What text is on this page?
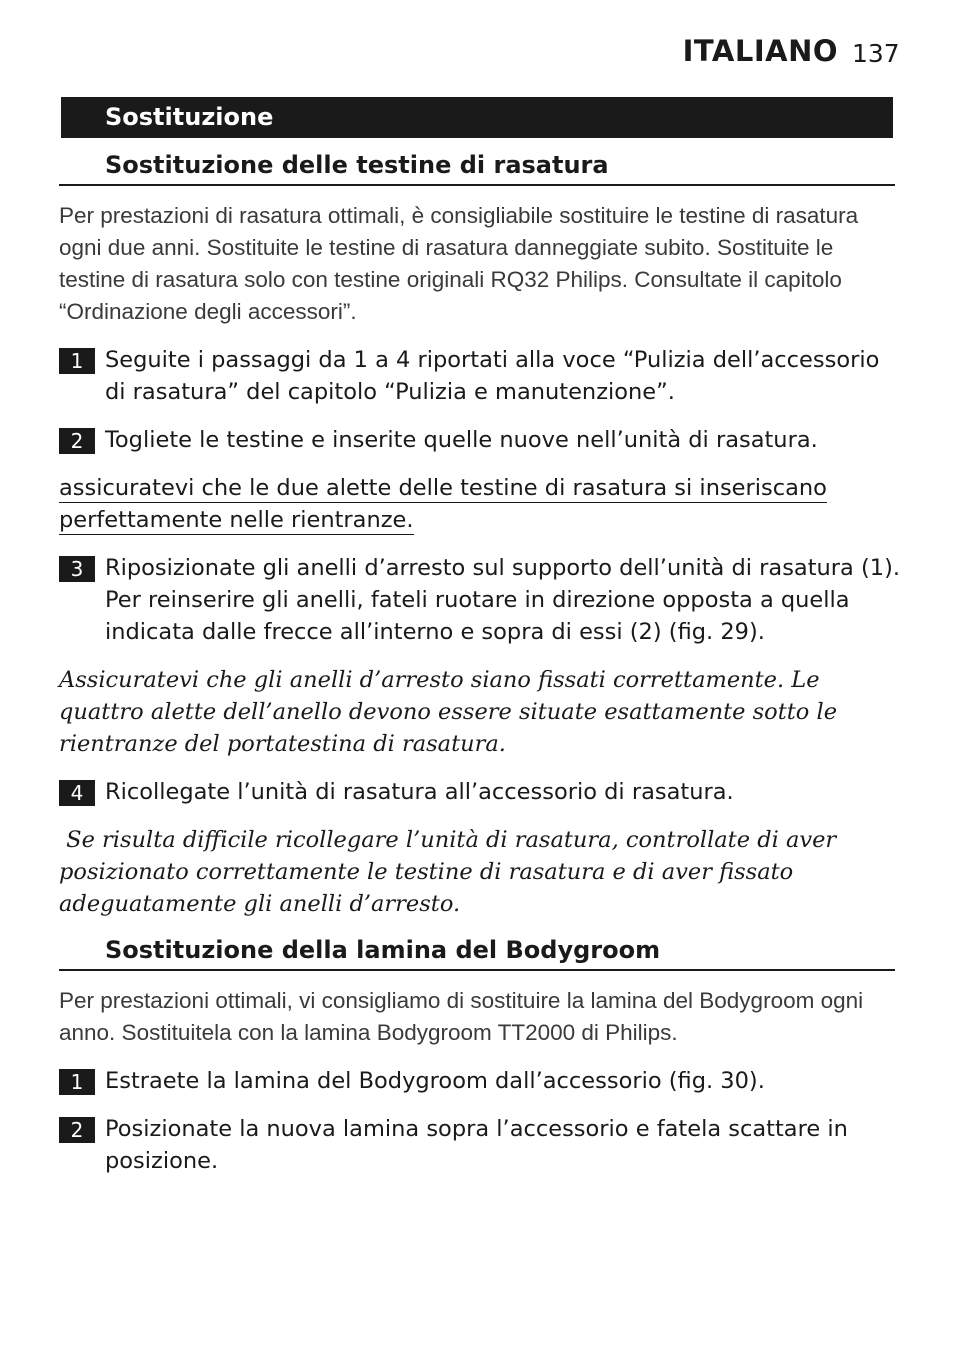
ITALIANO 137
Sostituzione
Sostituzione delle testine di rasatura
Per prestazioni di rasatura ottimali, è consigliabile sostituire le testine di rasatura ogni due anni. Sostituite le testine di rasatura danneggiate subito. Sostituite le testine di rasatura solo con testine originali RQ32 Philips. Consultate il capitolo “Ordinazione degli accessori”.
1 Seguite i passaggi da 1 a 4 riportati alla voce “Pulizia dell’accessorio di rasatura” del capitolo “Pulizia e manutenzione”.
2 Togliete le testine e inserite quelle nuove nell’unità di rasatura.
assicuratevi che le due alette delle testine di rasatura si inseriscano perfettamente nelle rientranze.
3 Riposizionate gli anelli d’arresto sul supporto dell’unità di rasatura (1). Per reinserire gli anelli, fateli ruotare in direzione opposta a quella indicata dalle frecce all’interno e sopra di essi (2) (fig. 29).
Assicuratevi che gli anelli d’arresto siano fissati correttamente. Le quattro alette dell’anello devono essere situate esattamente sotto le rientranze del portatestina di rasatura.
4 Ricollegate l’unità di rasatura all’accessorio di rasatura.
Se risulta difficile ricollegare l’unità di rasatura, controllate di aver posizionato correttamente le testine di rasatura e di aver fissato adeguatamente gli anelli d’arresto.
Sostituzione della lamina del Bodygroom
Per prestazioni ottimali, vi consigliamo di sostituire la lamina del Bodygroom ogni anno. Sostituitela con la lamina Bodygroom TT2000 di Philips.
1 Estraete la lamina del Bodygroom dall’accessorio (fig. 30).
2 Posizionate la nuova lamina sopra l’accessorio e fatela scattare in posizione.
